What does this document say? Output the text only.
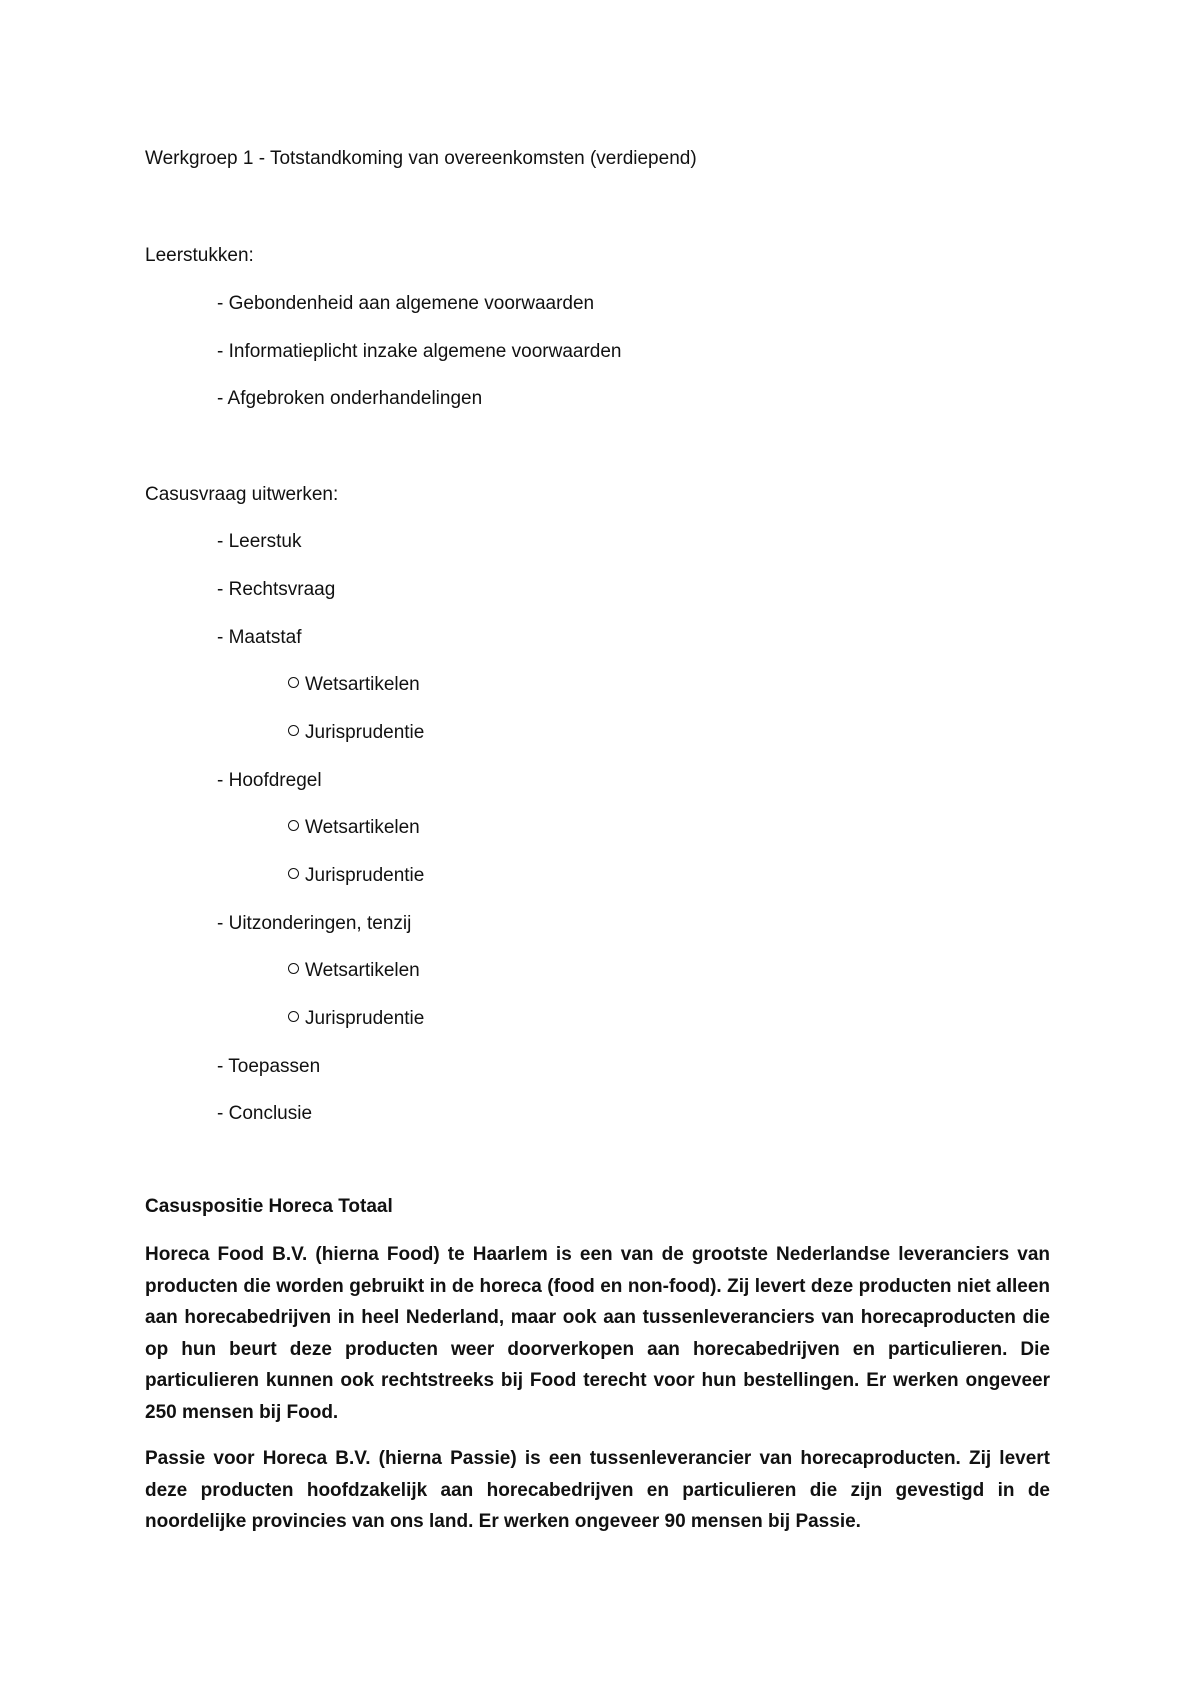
Werkgroep 1 - Totstandkoming van overeenkomsten (verdiepend)
Leerstukken:
- Gebondenheid aan algemene voorwaarden
- Informatieplicht inzake algemene voorwaarden
- Afgebroken onderhandelingen
Casusvraag uitwerken:
- Leerstuk
- Rechtsvraag
- Maatstaf
Wetsartikelen
Jurisprudentie
- Hoofdregel
Wetsartikelen
Jurisprudentie
- Uitzonderingen, tenzij
Wetsartikelen
Jurisprudentie
- Toepassen
- Conclusie
Casuspositie Horeca Totaal

Horeca Food B.V. (hierna Food) te Haarlem is een van de grootste Nederlandse leveranciers van producten die worden gebruikt in de horeca (food en non-food). Zij levert deze producten niet alleen aan horecabedrijven in heel Nederland, maar ook aan tussenleveranciers van horecaproducten die op hun beurt deze producten weer doorverkopen aan horecabedrijven en particulieren. Die particulieren kunnen ook rechtstreeks bij Food terecht voor hun bestellingen. Er werken ongeveer 250 mensen bij Food.

Passie voor Horeca B.V. (hierna Passie) is een tussenleverancier van horecaproducten. Zij levert deze producten hoofdzakelijk aan horecabedrijven en particulieren die zijn gevestigd in de noordelijke provincies van ons land. Er werken ongeveer 90 mensen bij Passie.
